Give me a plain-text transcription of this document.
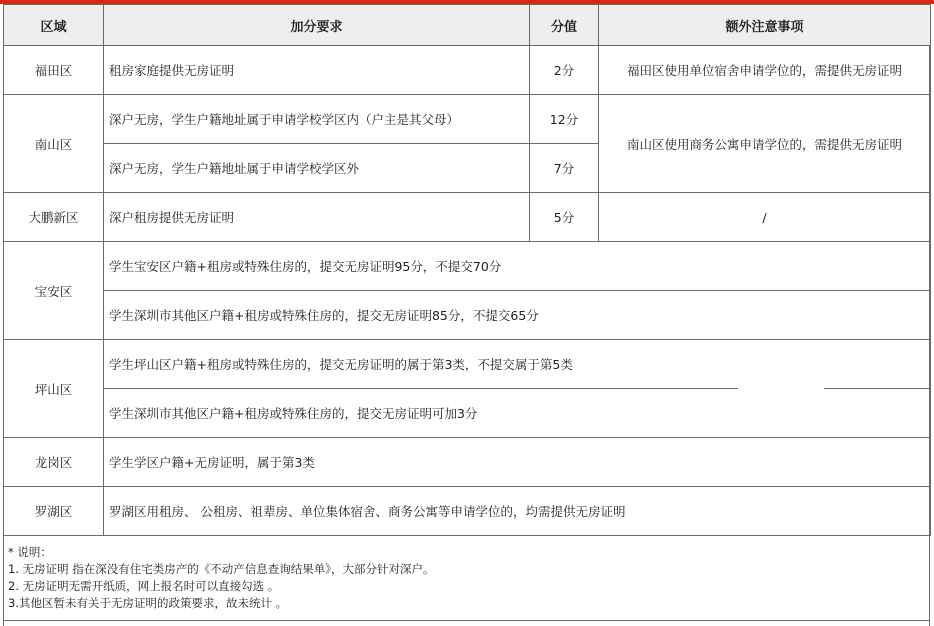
区域	加分要求	分值	额外注意事项
福田区	租房家庭提供无房证明	2分	福田区使用单位宿舍申请学位的，需提供无房证明
南山区	深户无房，学生户籍地址属于申请学校学区内（户主是其父母）	12分	南山区使用商务公寓申请学位的，需提供无房证明
	深户无房，学生户籍地址属于申请学校学区外	7分	
大鹏新区	深户租房提供无房证明	5分	/
宝安区	学生宝安区户籍+租房或特殊住房的，提交无房证明95分，不提交70分		
	学生深圳市其他区户籍+租房或特殊住房的，提交无房证明85分，不提交65分		
坪山区	学生坪山区户籍+租房或特殊住房的，提交无房证明的属于第3类，不提交属于第5类		
	学生深圳市其他区户籍+租房或特殊住房的，提交无房证明可加3分		
龙岗区	学生学区户籍+无房证明，属于第3类		
罗湖区	罗湖区用租房、 公租房、祖辈房、单位集体宿舍、商务公寓等申请学位的，均需提供无房证明		
* 说明：
1. 无房证明 指在深没有住宅类房产的《不动产信息查询结果单》，大部分针对深户。
2. 无房证明无需开纸质，网上报名时可以直接勾选 。
3.其他区暂未有关于无房证明的政策要求，故未统计 。
